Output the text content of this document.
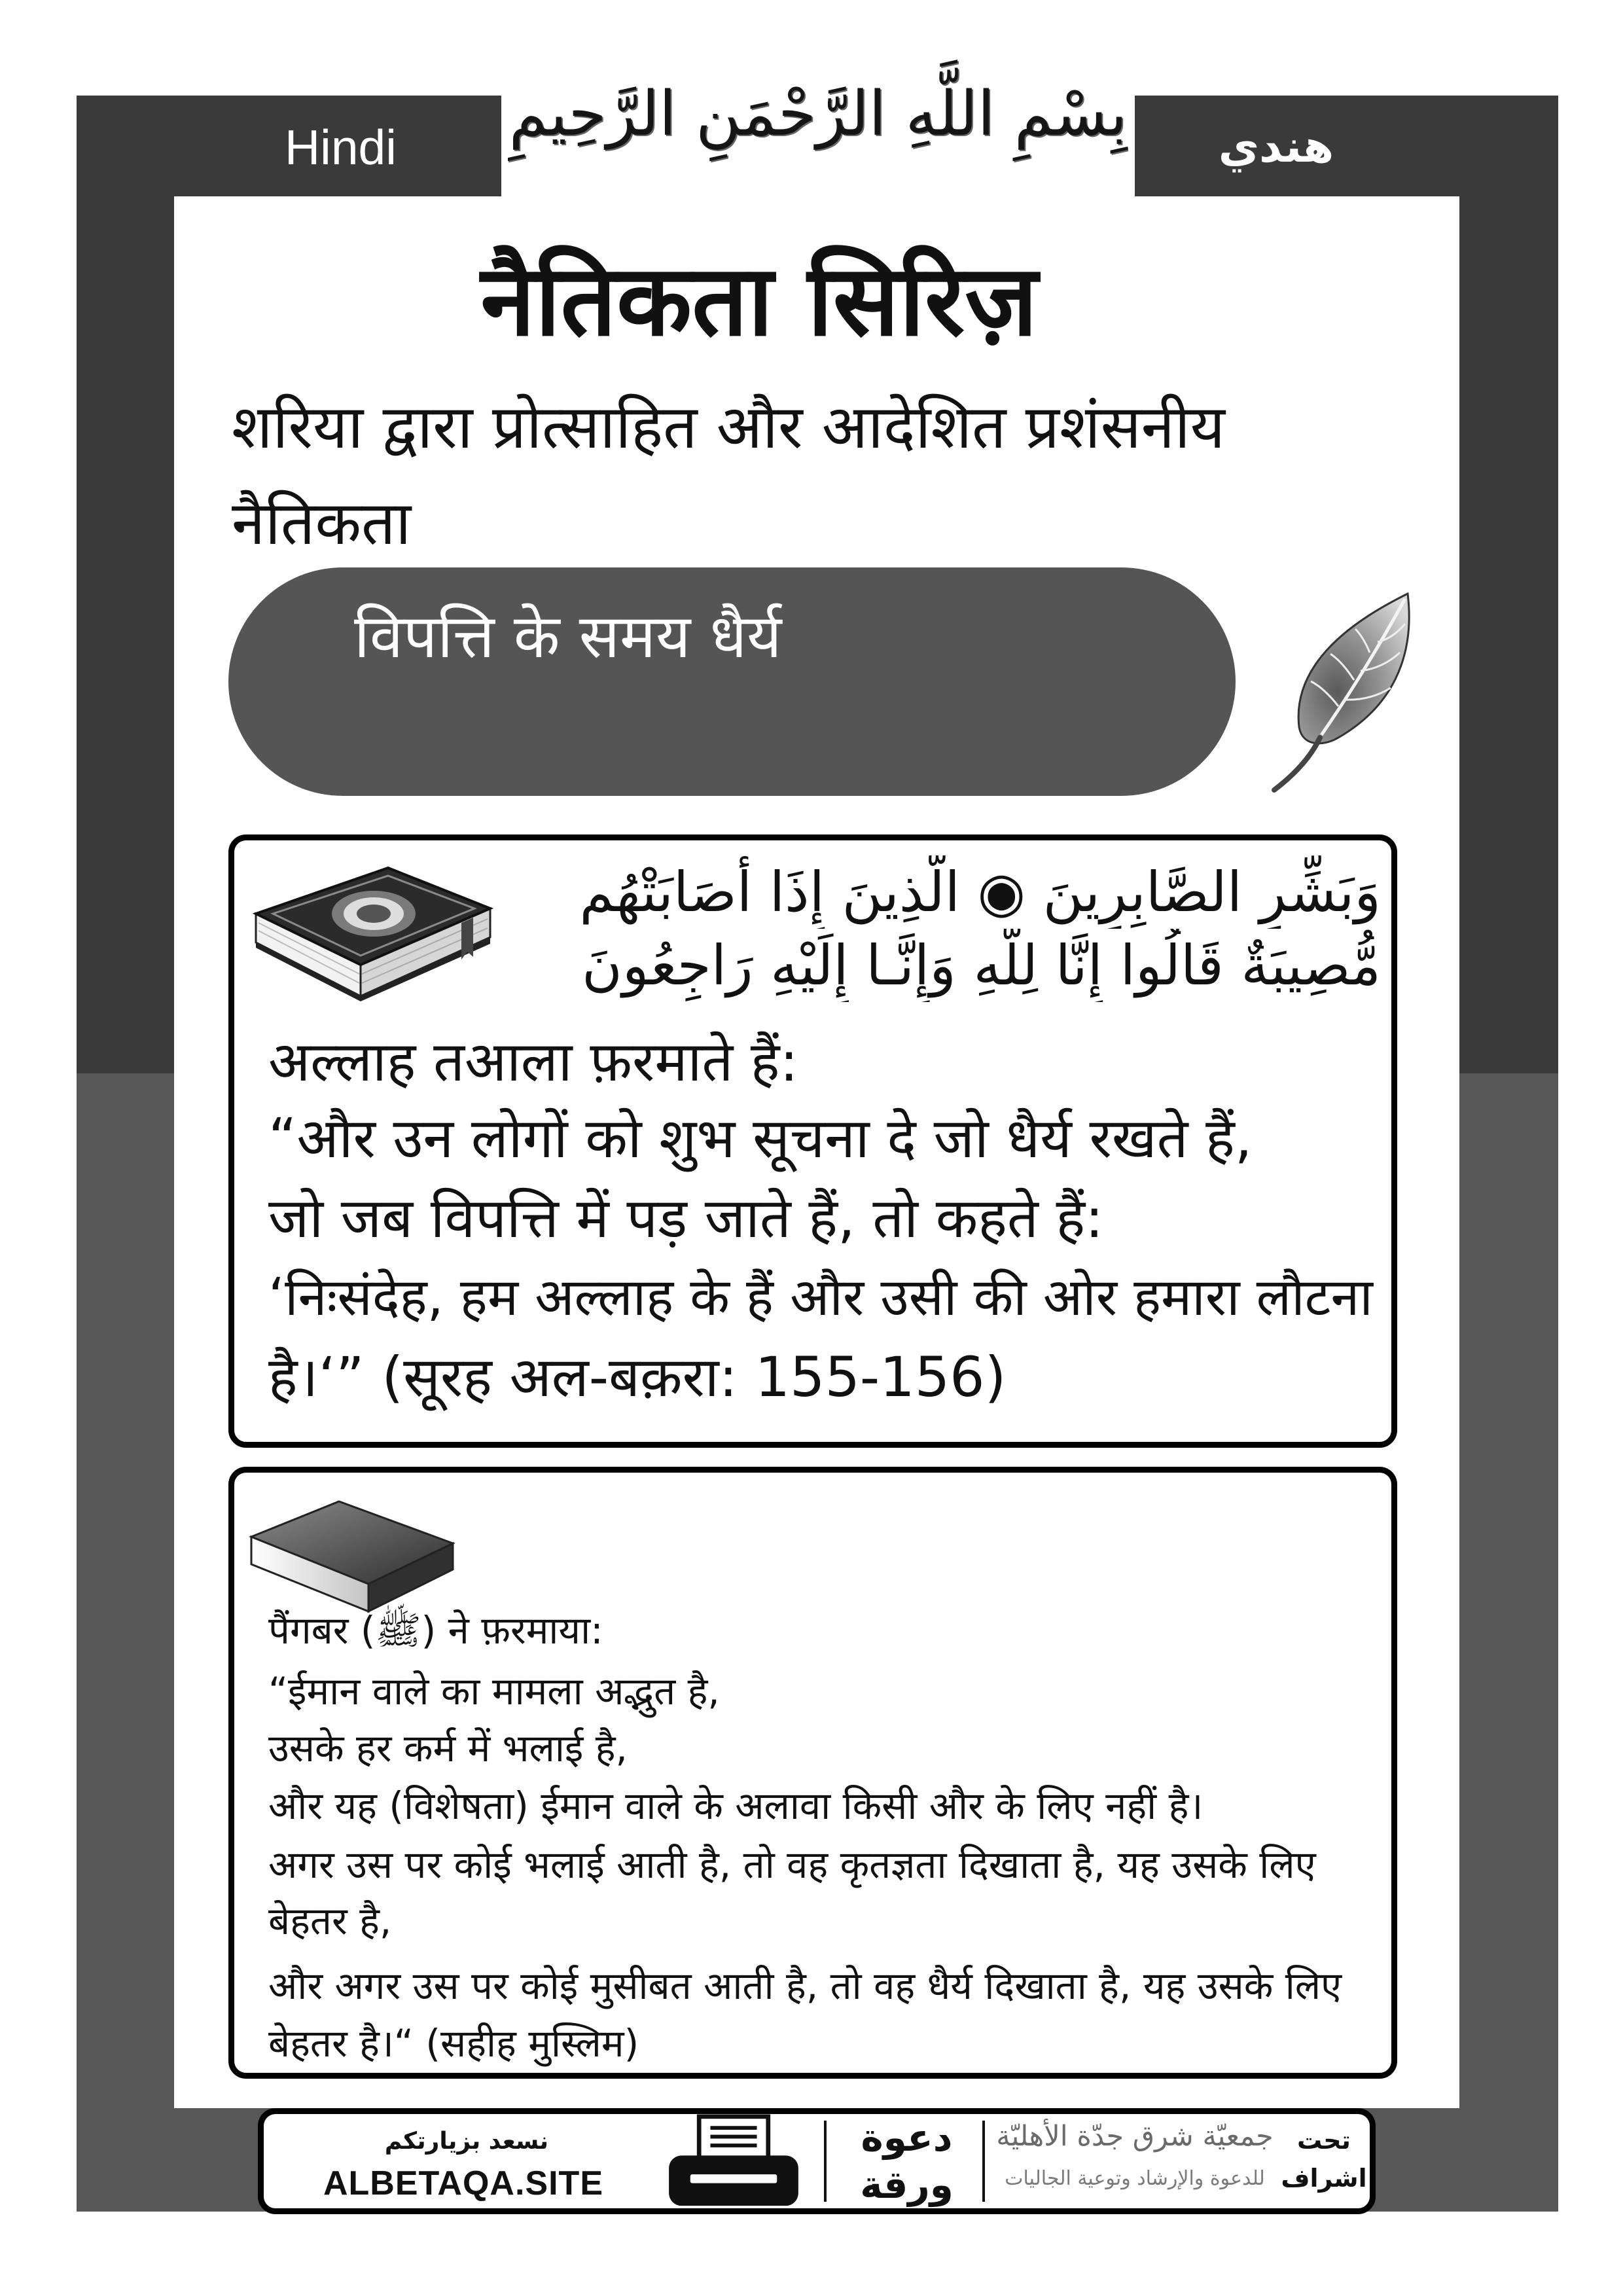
Hindi	هندي
بِسْمِ اللَّهِ الرَّحْمَنِ الرَّحِيمِ
नैतिकता सिरिज़
शरिया द्वारा प्रोत्साहित और आदेशित प्रशंसनीय
नैतिकता
विपत्ति के समय धैर्य
وَبَشِّرِ الصَّابِرِينَ ◉ الَّذِينَ إِذَا أَصَابَتْهُم
مُّصِيبَةٌ قَالُوا إِنَّا لِلَّهِ وَإِنَّـا إِلَيْهِ رَاجِعُونَ
अल्लाह तआला फ़रमाते हैं:
“और उन लोगों को शुभ सूचना दे जो धैर्य रखते हैं,
जो जब विपत्ति में पड़ जाते हैं, तो कहते हैं:
‘निःसंदेह, हम अल्लाह के हैं और उसी की ओर हमारा लौटना
है।‘” (सूरह अल-बक़रा: 155-156)
पैंगबर (ﷺ) ने फ़रमाया:
“ईमान वाले का मामला अद्भुत है,
उसके हर कर्म में भलाई है,
और यह (विशेषता) ईमान वाले के अलावा किसी और के लिए नहीं है।
अगर उस पर कोई भलाई आती है, तो वह कृतज्ञता दिखाता है, यह उसके लिए
बेहतर है,
और अगर उस पर कोई मुसीबत आती है, तो वह धैर्य दिखाता है, यह उसके लिए
बेहतर है।“ (सहीह मुस्लिम)
نسعد بزيارتكم
ALBETAQA.SITE
دعوة
ورقة
جمعيّة شرق جدّة الأهليّة
للدعوة والإرشاد وتوعية الجاليات
تحت
اشراف
